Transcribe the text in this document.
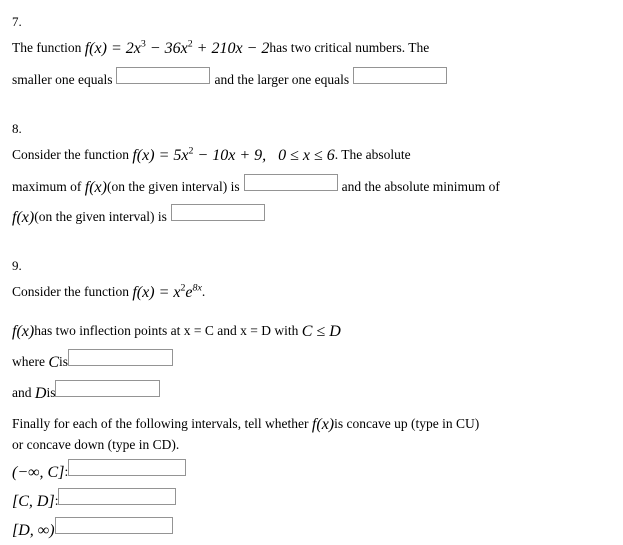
7.
The function $f(x) = 2x^3 - 36x^2 + 210x - 2$ has two critical numbers. The
smaller one equals	and the larger one equals
8.
Consider the function $f(x) = 5x^2 - 10x + 9$,   0 ≤ x ≤ 6 . The absolute
maximum of f(x) (on the given interval) is	and the absolute minimum of
f(x) (on the given interval) is
9.
Consider the function $f(x) = x^2e^{8x}$ .
f(x) has two inflection points at x = C and x = D with C ≤ D
where C is
and D is
Finally for each of the following intervals, tell whether f(x) is concave up (type in CU)
or concave down (type in CD).
(−∞, C] :
[C, D] :
[D, ∞)
